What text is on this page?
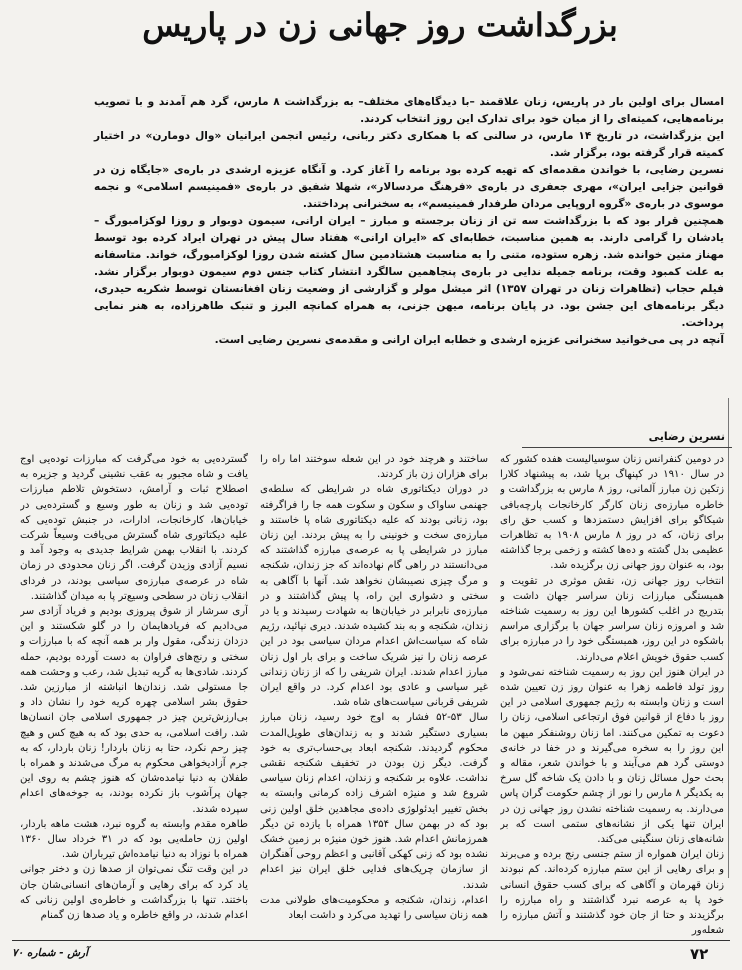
بزرگداشت روز جهانی زن در پاریس

امسال برای اولین بار در پاریس، زنان علاقمند –با دیدگاه‌های مختلف– به بزرگداشت ۸ مارس، گرد هم آمدند و با تصویب برنامه‌هایی، کمیته‌ای را از میان خود برای تدارک این روز انتخاب کردند.

این بزرگداشت، در تاریخ ۱۴ مارس، در سالنی که با همکاری دکتر ربانی، رئیس انجمن ایرانیان «وال دومارن» در اختیار کمیته قرار گرفته بود، برگزار شد.

نسرین رضایی، با خواندن مقدمه‌ای که تهیه کرده بود برنامه را آغاز کرد. و آنگاه عزیزه ارشدی در باره‌ی «جایگاه زن در قوانین جزایی ایران»، مهری جعفری در باره‌ی «فرهنگ مردسالار»، شهلا شفیق در باره‌ی «فمینیسم اسلامی» و نجمه موسوی در باره‌ی «گروه اروپایی مردان طرفدار فمینیسم»، به سخنرانی پرداختند.

همچنین قرار بود که با بزرگداشت سه تن از زنان برجسته و مبارز – ایران ارانی، سیمون دوبوار و روزا لوکزامبورگ – یادشان را گرامی دارند. به همین مناسبت، خطابه‌ای که «ایران ارانی» هفتاد سال پیش در تهران ایراد کرده بود توسط مهناز متین خوانده شد. زهره ستوده، متنی را به مناسبت هشتادمین سال کشته شدن روزا لوکزامبورگ، خواند. متاسفانه به علت کمبود وقت، برنامه جمیله ندایی در باره‌ی پنجاهمین سالگرد انتشار کتاب جنس دوم سیمون دوبوار برگزار نشد. فیلم حجاب (تظاهرات زنان در تهران ۱۳۵۷) اثر میشل مولر و گزارشی از وضعیت زنان افغانستان توسط شکریه حیدری، دیگر برنامه‌های این جشن بود. در پایان برنامه، میهن جزنی، به همراه کمانچه البرز و تنبک طاهرزاده، به هنر نمایی پرداخت.

آنچه در پی می‌خوانید سخنرانی عزیزه ارشدی و خطابه ایران ارانی و مقدمه‌ی نسرین رضایی است.

نسرین رضایی

در دومین کنفرانس زنان سوسیالیست هفده کشور که در سال ۱۹۱۰ در کپنهاگ برپا شد، به پیشنهاد کلارا زتکین زن مبارز آلمانی، روز ۸ مارس به بزرگداشت و خاطره مبارزه‌ی زنان کارگر کارخانجات پارچه‌بافی شیکاگو برای افزایش دستمزدها و کسب حق رای برای زنان، که در روز ۸ مارس ۱۹۰۸ به تظاهرات عظیمی بدل گشته و ده‌ها کشته و زخمی برجا گذاشته بود، به عنوان روز جهانی زن برگزیده شد.

انتخاب روز جهانی زن، نقش موثری در تقویت و همبستگی مبارزات زنان سراسر جهان داشت و بتدریج در اغلب کشورها این روز به رسمیت شناخته شد و امروزه زنان سراسر جهان با برگزاری مراسم باشکوه در این روز، همبستگی خود را در مبارزه برای کسب حقوق خویش اعلام می‌دارند.

در ایران هنوز این روز به رسمیت شناخته نمی‌شود و روز تولد فاطمه زهرا به عنوان روز زن تعیین شده است و زنان وابسته به رژیم جمهوری اسلامی در این روز با دفاع از قوانین فوق ارتجاعی اسلامی، زنان را دعوت به تمکین می‌کنند. اما زنان روشنفکر میهن ما این روز را به سخره می‌گیرند و در خفا در خانه‌ی دوستی گرد هم می‌آیند و با خواندن شعر، مقاله و بحث حول مسائل زنان و با دادن یک شاخه گل سرخ به یکدیگر ۸ مارس را نور از چشم حکومت گران پاس می‌دارند. به رسمیت شناخته نشدن روز جهانی زن در ایران تنها یکی از نشانه‌های ستمی است که بر شانه‌های زنان سنگینی می‌کند.

زنان ایران همواره از ستم جنسی رنج برده و می‌برند و برای رهایی از این ستم مبارزه کرده‌اند. کم نبودند زنان قهرمان و آگاهی که برای کسب حقوق انسانی خود پا به عرصه نبرد گذاشتند و راه مبارزه را برگزیدند و حتا از جان خود گذشتند و آتش مبارزه را شعله‌ور

ساختند و هرچند خود در این شعله سوختند اما راه را برای هزاران زن باز کردند.

در دوران دیکتاتوری شاه در شرایطی که سلطه‌ی جهنمی ساواک و سکون و سکوت همه جا را فراگرفته بود، زنانی بودند که علیه دیکتاتوری شاه پا خاستند و مبارزه‌ی سخت و خونینی را به پیش بردند. این زنان مبارز در شرایطی پا به عرصه‌ی مبارزه گذاشتند که می‌دانستند در راهی گام نهاده‌اند که جز زندان، شکنجه و مرگ چیزی نصیبشان نخواهد شد. آنها با آگاهی به سختی و دشواری این راه، پا پیش گذاشتند و در مبارزه‌ی نابرابر در خیابان‌ها به شهادت رسیدند و یا در زندان، شکنجه و به بند کشیده شدند. دیری نپائید، رژیم شاه که سیاست‌اش اعدام مردان سیاسی بود در این عرصه زنان را نیز شریک ساخت و برای بار اول زنان مبارز اعدام شدند. ایران شریفی را که از زنان زندانی غیر سیاسی و عادی بود اعدام کرد. در واقع ایران شریفی قربانی سیاست‌های شاه شد.

سال ۵۳-۵۲ فشار به اوج خود رسید، زنان مبارز بسیاری دستگیر شدند و به زندان‌های طویل‌المدت محکوم گردیدند. شکنجه ابعاد بی‌حساب‌تری به خود گرفت. دیگر زن بودن در تخفیف شکنجه نقشی نداشت. علاوه بر شکنجه و زندان، اعدام زنان سیاسی شروع شد و منیژه اشرف زاده کرمانی وابسته به بخش تغییر ایدئولوژی داده‌ی مجاهدین خلق اولین زنی بود که در بهمن سال ۱۳۵۴ همراه با یازده تن دیگر همرزمانش اعدام شد. هنوز خون منیژه بر زمین خشک نشده بود که زنی کهکی آقانبی و اعظم روحی آهنگران از سازمان چریک‌های فدایی خلق ایران نیز اعدام شدند.

اعدام، زندان، شکنجه و محکومیت‌های طولانی مدت همه زنان سیاسی را تهدید می‌کرد و داشت ابعاد

گسترده‌یی به خود می‌گرفت که مبارزات توده‌یی اوج یافت و شاه مجبور به عقب نشینی گردید و جزیره به اصطلاح ثبات و آرامش، دستخوش تلاطم مبارزات توده‌یی شد و زنان به طور وسیع و گسترده‌یی در خیابان‌ها، کارخانجات، ادارات، در جنبش توده‌یی که علیه دیکتاتوری شاه گسترش می‌یافت وسیعاً شرکت کردند. با انقلاب بهمن شرایط جدیدی به وجود آمد و نسیم آزادی وزیدن گرفت. اگر زنان محدودی در زمان شاه در عرصه‌ی مبارزه‌ی سیاسی بودند، در فردای انقلاب زنان در سطحی وسیع‌تر پا به میدان گذاشتند.

آری سرشار از شوق پیروزی بودیم و فریاد آزادی سر می‌دادیم که فریادهایمان را در گلو شکستند و این دزدان زندگی، مقول وار بر همه آنچه که با مبارزات و سختی و رنج‌های فراوان به دست آورده بودیم، حمله کردند. شادی‌ها به گریه تبدیل شد، رعب و وحشت همه جا مستولی شد. زندان‌ها انباشته از مبارزین شد. حقوق بشر اسلامی چهره کریه خود را نشان داد و بی‌ارزش‌ترین چیز در جمهوری اسلامی جان انسان‌ها شد. رافت اسلامی، به حدی بود که به هیچ کس و هیچ چیز رحم نکرد، حتا به زنان باردار! زنان باردار، که به جرم آزادیخواهی محکوم به مرگ می‌شدند و همراه با طفلان به دنیا نیامده‌شان که هنوز چشم به روی این جهان پرآشوب باز نکرده بودند، به جوخه‌های اعدام سپرده شدند.

طاهره مقدم وابسته به گروه نبرد، هشت ماهه باردار، اولین زن حامله‌یی بود که در ۳۱ خرداد سال ۱۳۶۰ همراه با نوزاد به دنیا نیامده‌اش تیرباران شد.

در این وقت تنگ نمی‌توان از صدها زن و دختر جوانی یاد کرد که برای رهایی و آرمان‌های انسانی‌شان جان باختند. تنها با بزرگداشت و خاطره‌ی اولین زنانی که اعدام شدند، در واقع خاطره و یاد صدها زن گمنام

۷۲
آرش - شماره ۷۰
